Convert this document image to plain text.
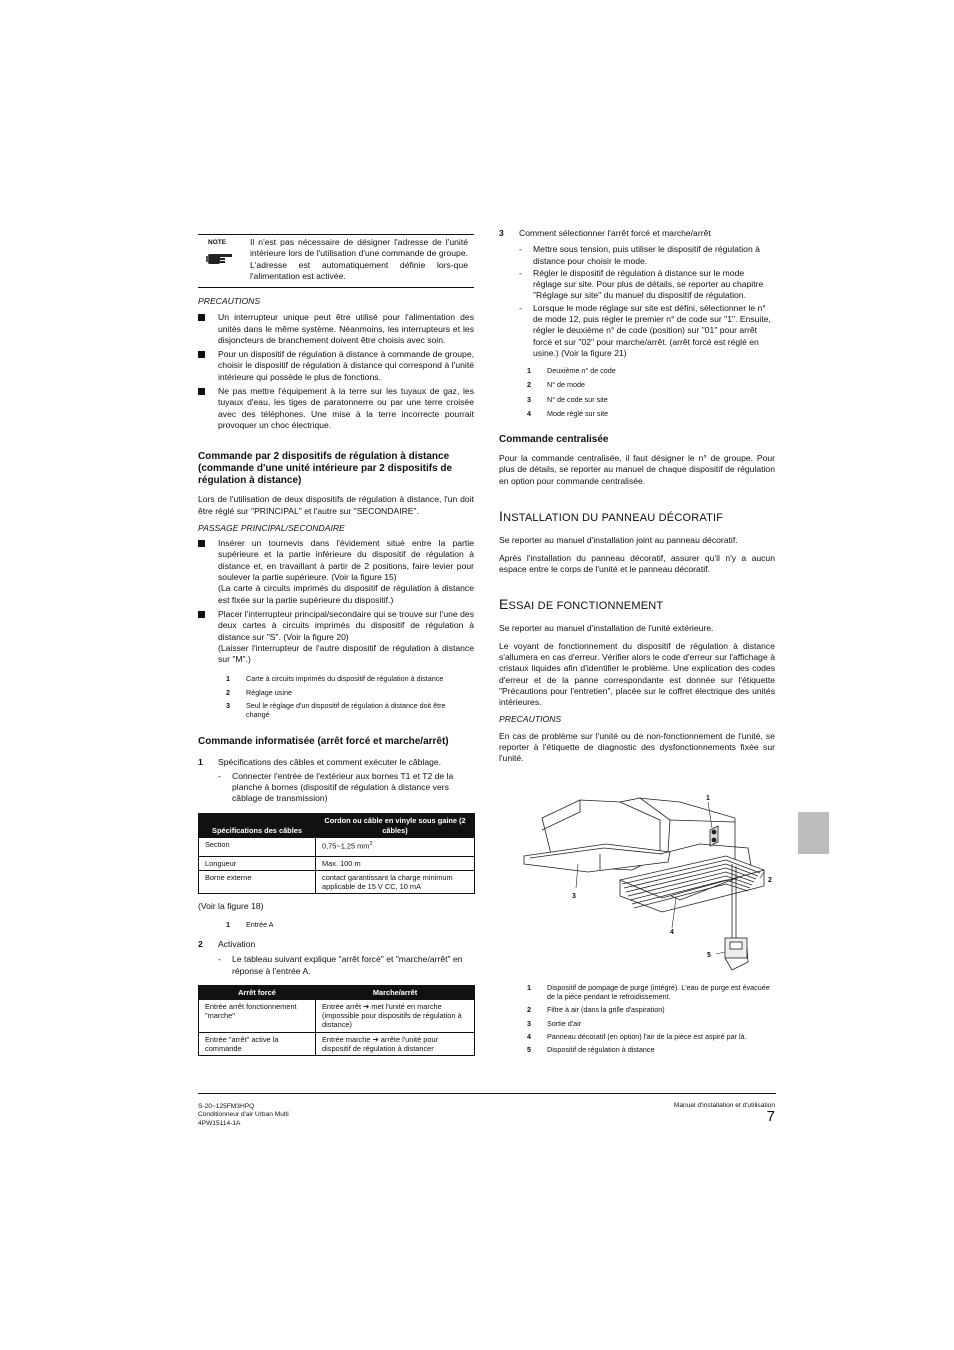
NOTE	Il n'est pas nécessaire de désigner l'adresse de l'unité intérieure lors de l'utilisation d'une commande de groupe. L'adresse est automatiquement définie lors-que l'alimentation est activée.

PRECAUTIONS

Un interrupteur unique peut être utilisé pour l'alimentation des unités dans le même système. Néanmoins, les interrupteurs et les disjoncteurs de branchement doivent être choisis avec soin.

Pour un dispositif de régulation à distance à commande de groupe, choisir le dispositif de régulation à distance qui correspond à l'unité intérieure qui possède le plus de fonctions.

Ne pas mettre l'équipement à la terre sur les tuyaux de gaz, les tuyaux d'eau, les tiges de paratonnerre ou par une terre croisée avec des téléphones. Une mise à la terre incorrecte pourrait provoquer un choc électrique.

Commande par 2 dispositifs de régulation à distance (commande d'une unité intérieure par 2 dispositifs de régulation à distance)

Lors de l'utilisation de deux dispositifs de régulation à distance, l'un doit être réglé sur "PRINCIPAL" et l'autre sur "SECONDAIRE".

PASSAGE PRINCIPAL/SECONDAIRE

Insérer un tournevis dans l'évidement situé entre la partie supérieure et la partie inférieure du dispositif de régulation à distance et, en travaillant à partir de 2 positions, faire levier pour soulever la partie supérieure. (Voir la figure 15)

(La carte à circuits imprimés du dispositif de régulation à distance est fixée sur la partie supérieure du dispositif.)

Placer l'interrupteur principal/secondaire qui se trouve sur l'une des deux cartes à circuits imprimés du dispositif de régulation à distance sur "S". (Voir la figure 20)

(Laisser l'interrupteur de l'autre dispositif de régulation à distance sur "M".)

1 Carte à circuits imprimés du dispositif de régulation à distance

2 Réglage usine

3 Seul le réglage d'un dispositif de régulation à distance doit être changé

Commande informatisée (arrêt forcé et marche/arrêt)

1 Spécifications des câbles et comment exécuter le câblage.

- Connecter l'entrée de l'extérieur aux bornes T1 et T2 de la planche à bornes (dispositif de régulation à distance vers câblage de transmission)

Spécifications des câbles	Cordon ou câble en vinyle sous gaine (2 câbles)
Section	0,75~1,25 $mm^2$
Longueur	Max. 100 m
Borne externe	contact garantissant la charge minimum applicable de 15 V CC, 10 mA

(Voir la figure 18)

1 Entrée A

2 Activation

- Le tableau suivant explique "arrêt forcé" et "marche/arrêt" en réponse à l'entrée A.

Arrêt forcé	Marche/arrêt
Entrée arrêt fonctionnement "marche"	Entrée arrêt ➔ met l'unité en marche (impossible pour dispositifs de régulation à distance)
Entrée "arrêt" active la commande	Entrée marche ➔ arrête l'unité pour dispositif de régulation à distancer

3 Comment sélectionner l'arrêt forcé et marche/arrêt

- Mettre sous tension, puis utiliser le dispositif de régulation à distance pour choisir le mode.

- Régler le dispositif de régulation à distance sur le mode réglage sur site. Pour plus de détails, se reporter au chapitre "Réglage sur site" du manuel du dispositif de régulation.

- Lorsque le mode réglage sur site est défini, sélectionner le n° de mode 12, puis régler le premier n° de code sur "1". Ensuite, régler le deuxième n° de code (position) sur "01" pour arrêt forcé et sur "02" pour marche/arrêt. (arrêt forcé est réglé en usine.) (Voir la figure 21)

1 Deuxième n° de code

2 N° de mode

3 N° de code sur site

4 Mode réglé sur site

Commande centralisée

Pour la commande centralisée, il faut désigner le n° de groupe. Pour plus de détails, se reporter au manuel de chaque dispositif de régulation en option pour commande centralisée.

INSTALLATION DU PANNEAU DÉCORATIF

Se reporter au manuel d'installation joint au panneau décoratif.

Après l'installation du panneau décoratif, assurer qu'il n'y a aucun espace entre le corps de l'unité et le panneau décoratif.

ESSAI DE FONCTIONNEMENT

Se reporter au manuel d'installation de l'unité extérieure.

Le voyant de fonctionnement du dispositif de régulation à distance s'allumera en cas d'erreur. Vérifier alors le code d'erreur sur l'affichage à cristaux liquides afin d'identifier le problème. Une explication des codes d'erreur et de la panne correspondante est donnée sur l'étiquette "Précautions pour l'entretien", placée sur le coffret électrique des unités intérieures.

PRECAUTIONS

En cas de problème sur l'unité ou de non-fonctionnement de l'unité, se reporter à l'étiquette de diagnostic des dysfonctionnements fixée sur l'unité.

1
2
3
4
5

1 Dispositif de pompage de purge (intégré). L'eau de purge est évacuée de la pièce pendant le refroidissement.

2 Filtre à air (dans la grille d'aspiration)

3 Sortie d'air

4 Panneau décoratif (en option) l'air de la pièce est aspiré par là.

5 Dispositif de régulation à distance

S-20~125FM3HPQ

Conditionneur d'air Urban Multi

4PW15114-1A

Manuel d'installation et d'utilisation

7
